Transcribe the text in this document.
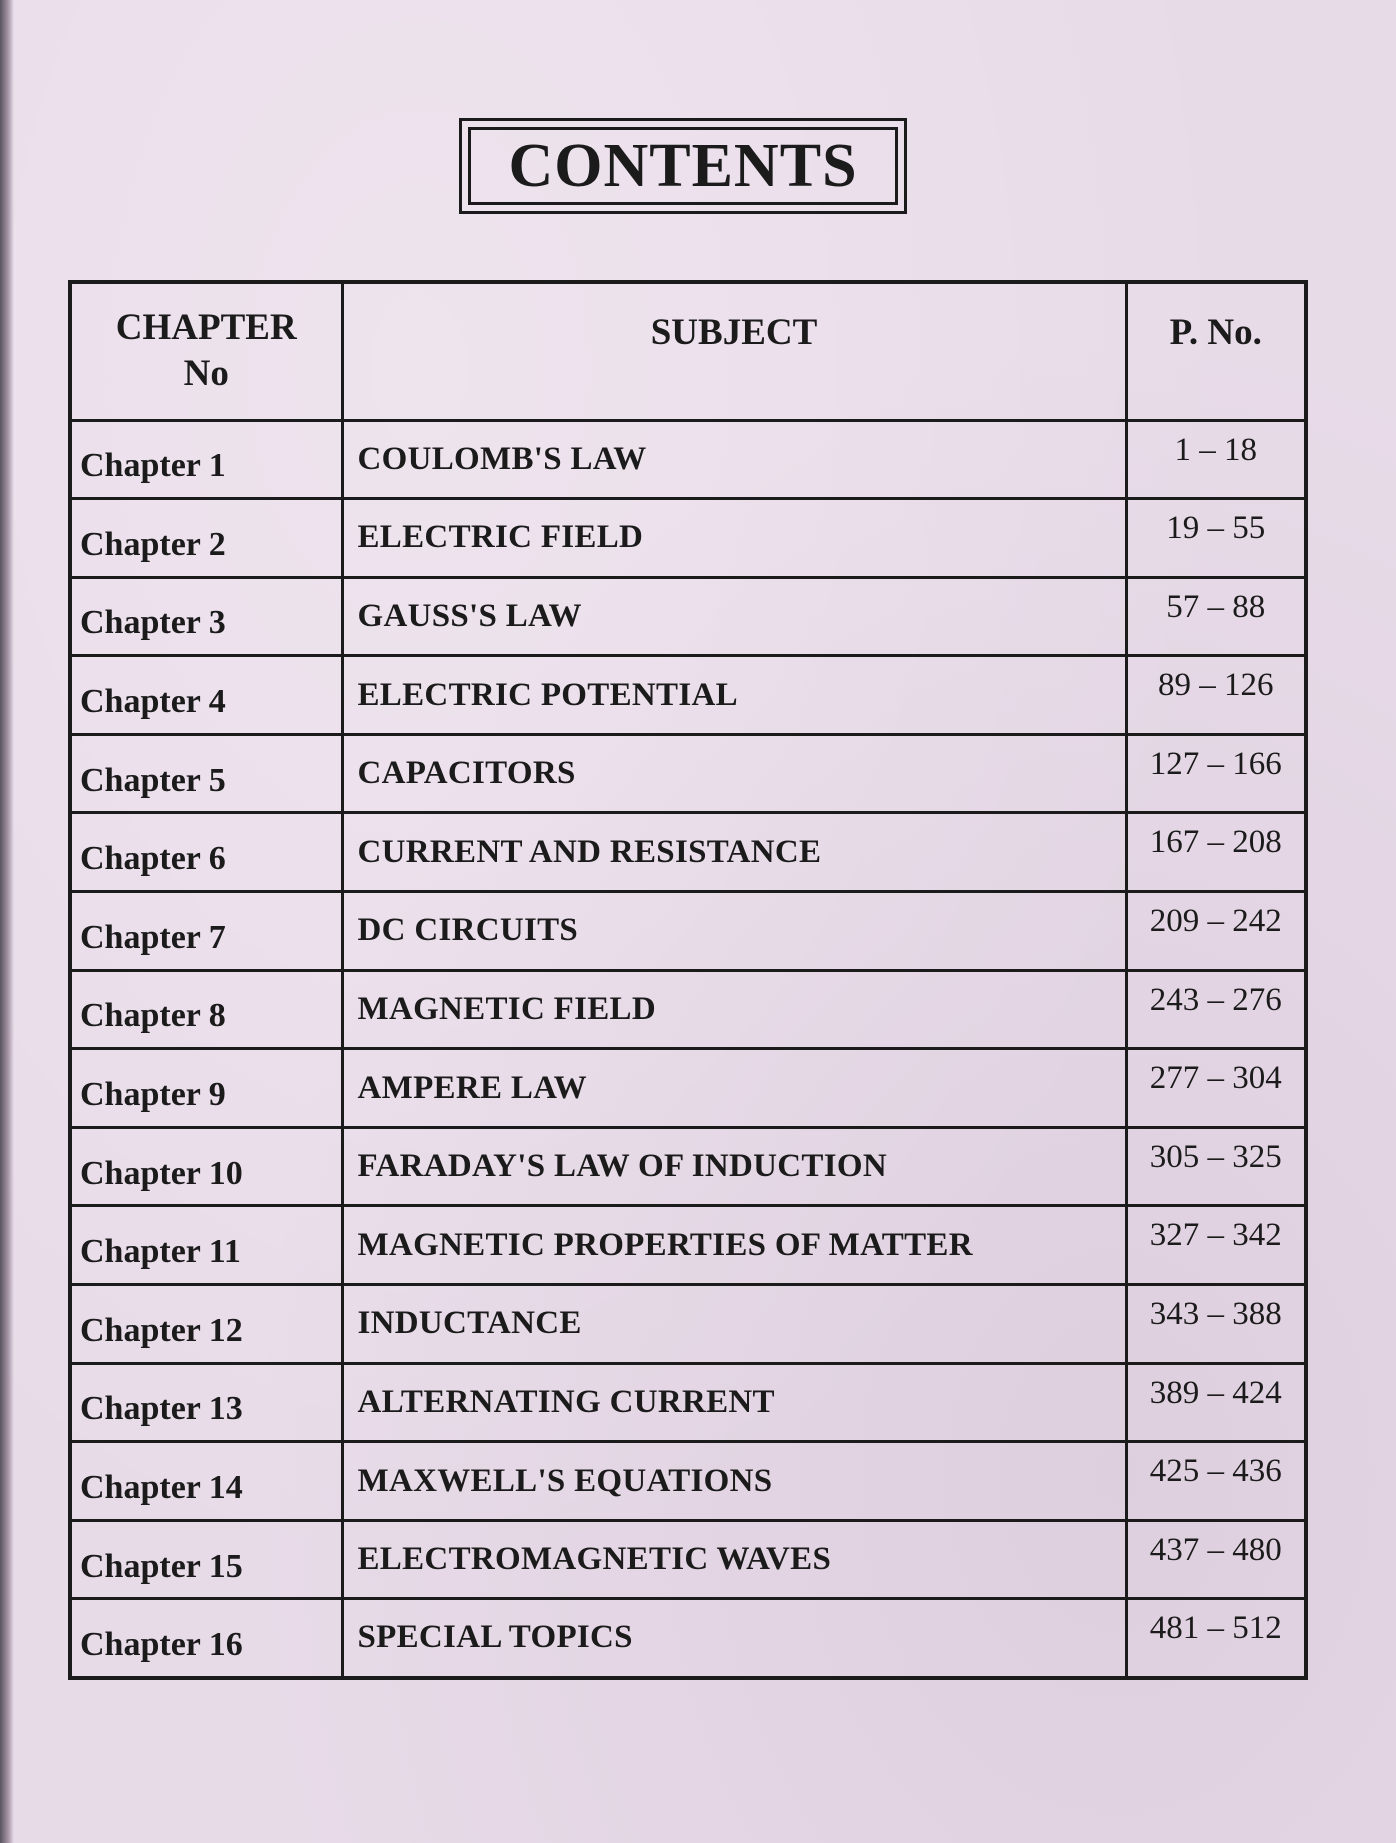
CONTENTS
CHAPTER
No	SUBJECT	P. No.
Chapter 1	COULOMB'S LAW	1 – 18
Chapter 2	ELECTRIC FIELD	19 – 55
Chapter 3	GAUSS'S LAW	57 – 88
Chapter 4	ELECTRIC POTENTIAL	89 – 126
Chapter 5	CAPACITORS	127 – 166
Chapter 6	CURRENT AND RESISTANCE	167 – 208
Chapter 7	DC CIRCUITS	209 – 242
Chapter 8	MAGNETIC FIELD	243 – 276
Chapter 9	AMPERE LAW	277 – 304
Chapter 10	FARADAY'S LAW OF INDUCTION	305 – 325
Chapter 11	MAGNETIC PROPERTIES OF MATTER	327 – 342
Chapter 12	INDUCTANCE	343 – 388
Chapter 13	ALTERNATING CURRENT	389 – 424
Chapter 14	MAXWELL'S EQUATIONS	425 – 436
Chapter 15	ELECTROMAGNETIC WAVES	437 – 480
Chapter 16	SPECIAL TOPICS	481 – 512
